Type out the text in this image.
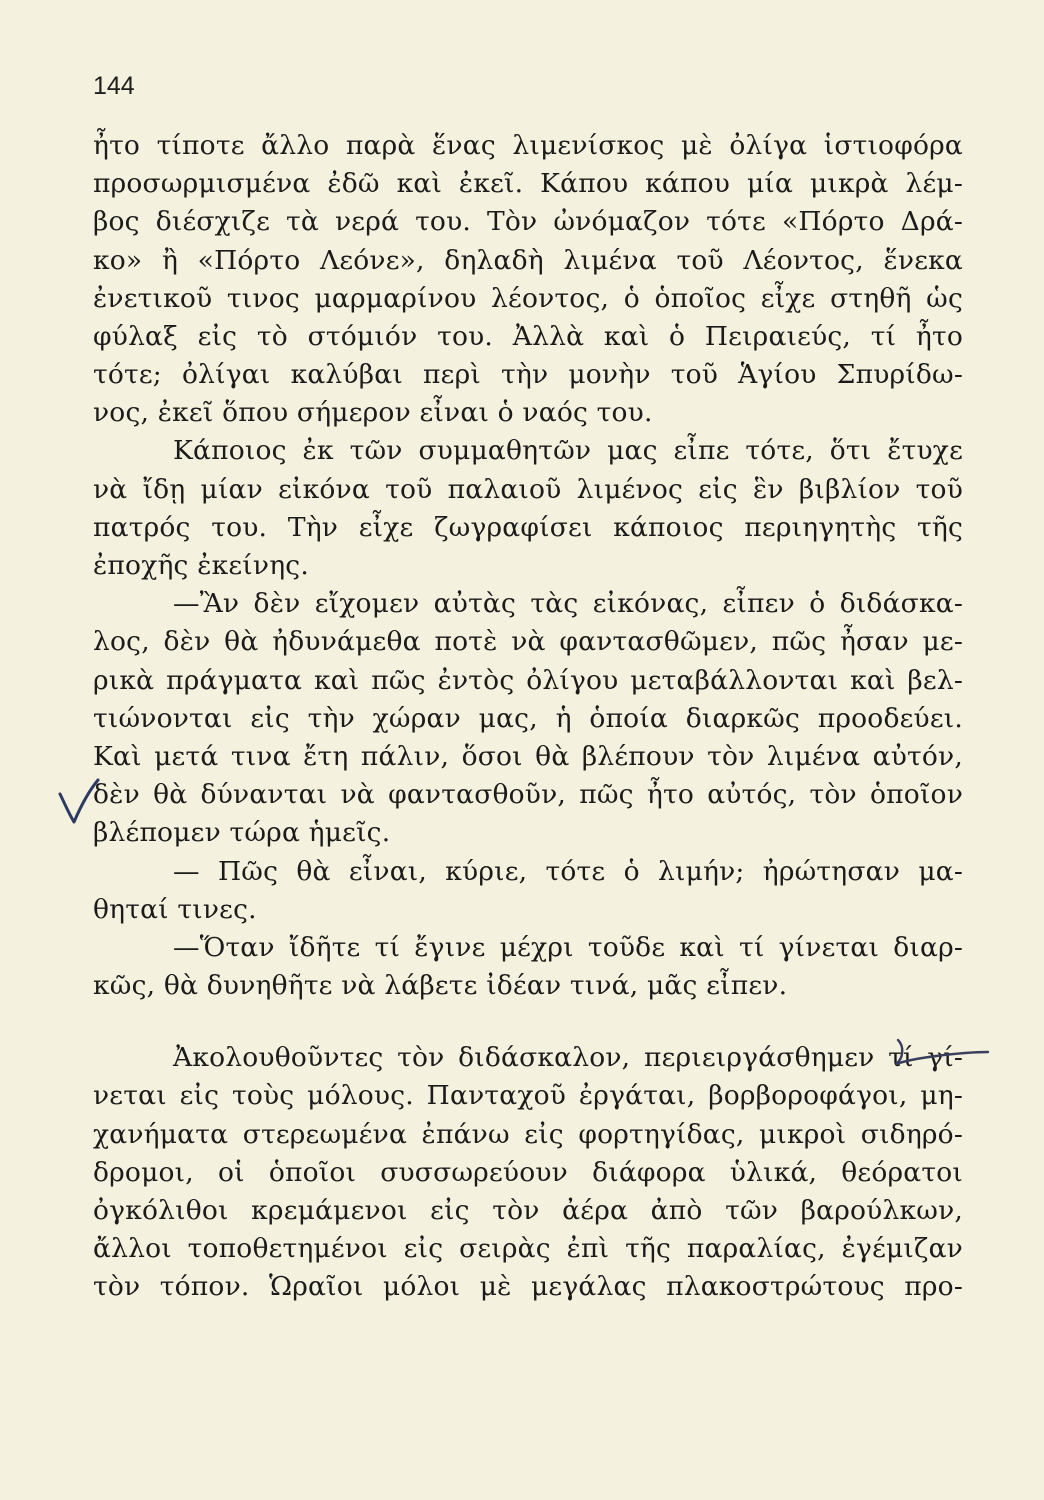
144
ἦτο τίποτε ἄλλο παρὰ ἕνας λιμενίσκος μὲ ὀλίγα ἱστιοφόρα
προσωρμισμένα ἐδῶ καὶ ἐκεῖ. Κάπου κάπου μία μικρὰ λέμ-
βος διέσχιζε τὰ νερά του. Τὸν ὠνόμαζον τότε «Πόρτο Δρά-
κο» ἢ «Πόρτο Λεόνε», δηλαδὴ λιμένα τοῦ Λέοντος, ἕνεκα
ἐνετικοῦ τινος μαρμαρίνου λέοντος, ὁ ὁποῖος εἶχε στηθῆ ὡς
φύλαξ εἰς τὸ στόμιόν του. Ἀλλὰ καὶ ὁ Πειραιεύς, τί ἦτο
τότε; ὀλίγαι καλύβαι περὶ τὴν μονὴν τοῦ Ἁγίου Σπυρίδω-
νος, ἐκεῖ ὅπου σήμερον εἶναι ὁ ναός του.
Κάποιος ἐκ τῶν συμμαθητῶν μας εἶπε τότε, ὅτι ἔτυχε
νὰ ἴδῃ μίαν εἰκόνα τοῦ παλαιοῦ λιμένος εἰς ἓν βιβλίον τοῦ
πατρός του. Τὴν εἶχε ζωγραφίσει κάποιος περιηγητὴς τῆς
ἐποχῆς ἐκείνης.
—Ἂν δὲν εἴχομεν αὐτὰς τὰς εἰκόνας, εἶπεν ὁ διδάσκα-
λος, δὲν θὰ ἠδυνάμεθα ποτὲ νὰ φαντασθῶμεν, πῶς ἦσαν με-
ρικὰ πράγματα καὶ πῶς ἐντὸς ὀλίγου μεταβάλλονται καὶ βελ-
τιώνονται εἰς τὴν χώραν μας, ἡ ὁποία διαρκῶς προοδεύει.
Καὶ μετά τινα ἔτη πάλιν, ὅσοι θὰ βλέπουν τὸν λιμένα αὐτόν,
δὲν θὰ δύνανται νὰ φαντασθοῦν, πῶς ἦτο αὐτός, τὸν ὁποῖον
βλέπομεν τώρα ἡμεῖς.
— Πῶς θὰ εἶναι, κύριε, τότε ὁ λιμήν; ἠρώτησαν μα-
θηταί τινες.
—Ὅταν ἴδῆτε τί ἔγινε μέχρι τοῦδε καὶ τί γίνεται διαρ-
κῶς, θὰ δυνηθῆτε νὰ λάβετε ἰδέαν τινά, μᾶς εἶπεν.
Ἀκολουθοῦντες τὸν διδάσκαλον, περιειργάσθημεν τί γί-
νεται εἰς τοὺς μόλους. Πανταχοῦ ἐργάται, βορβοροφάγοι, μη-
χανήματα στερεωμένα ἐπάνω εἰς φορτηγίδας, μικροὶ σιδηρό-
δρομοι, οἱ ὁποῖοι συσσωρεύουν διάφορα ὑλικά, θεόρατοι
ὀγκόλιθοι κρεμάμενοι εἰς τὸν ἀέρα ἀπὸ τῶν βαρούλκων,
ἄλλοι τοποθετημένοι εἰς σειρὰς ἐπὶ τῆς παραλίας, ἐγέμιζαν
τὸν τόπον. Ὡραῖοι μόλοι μὲ μεγάλας πλακοστρώτους προ-
